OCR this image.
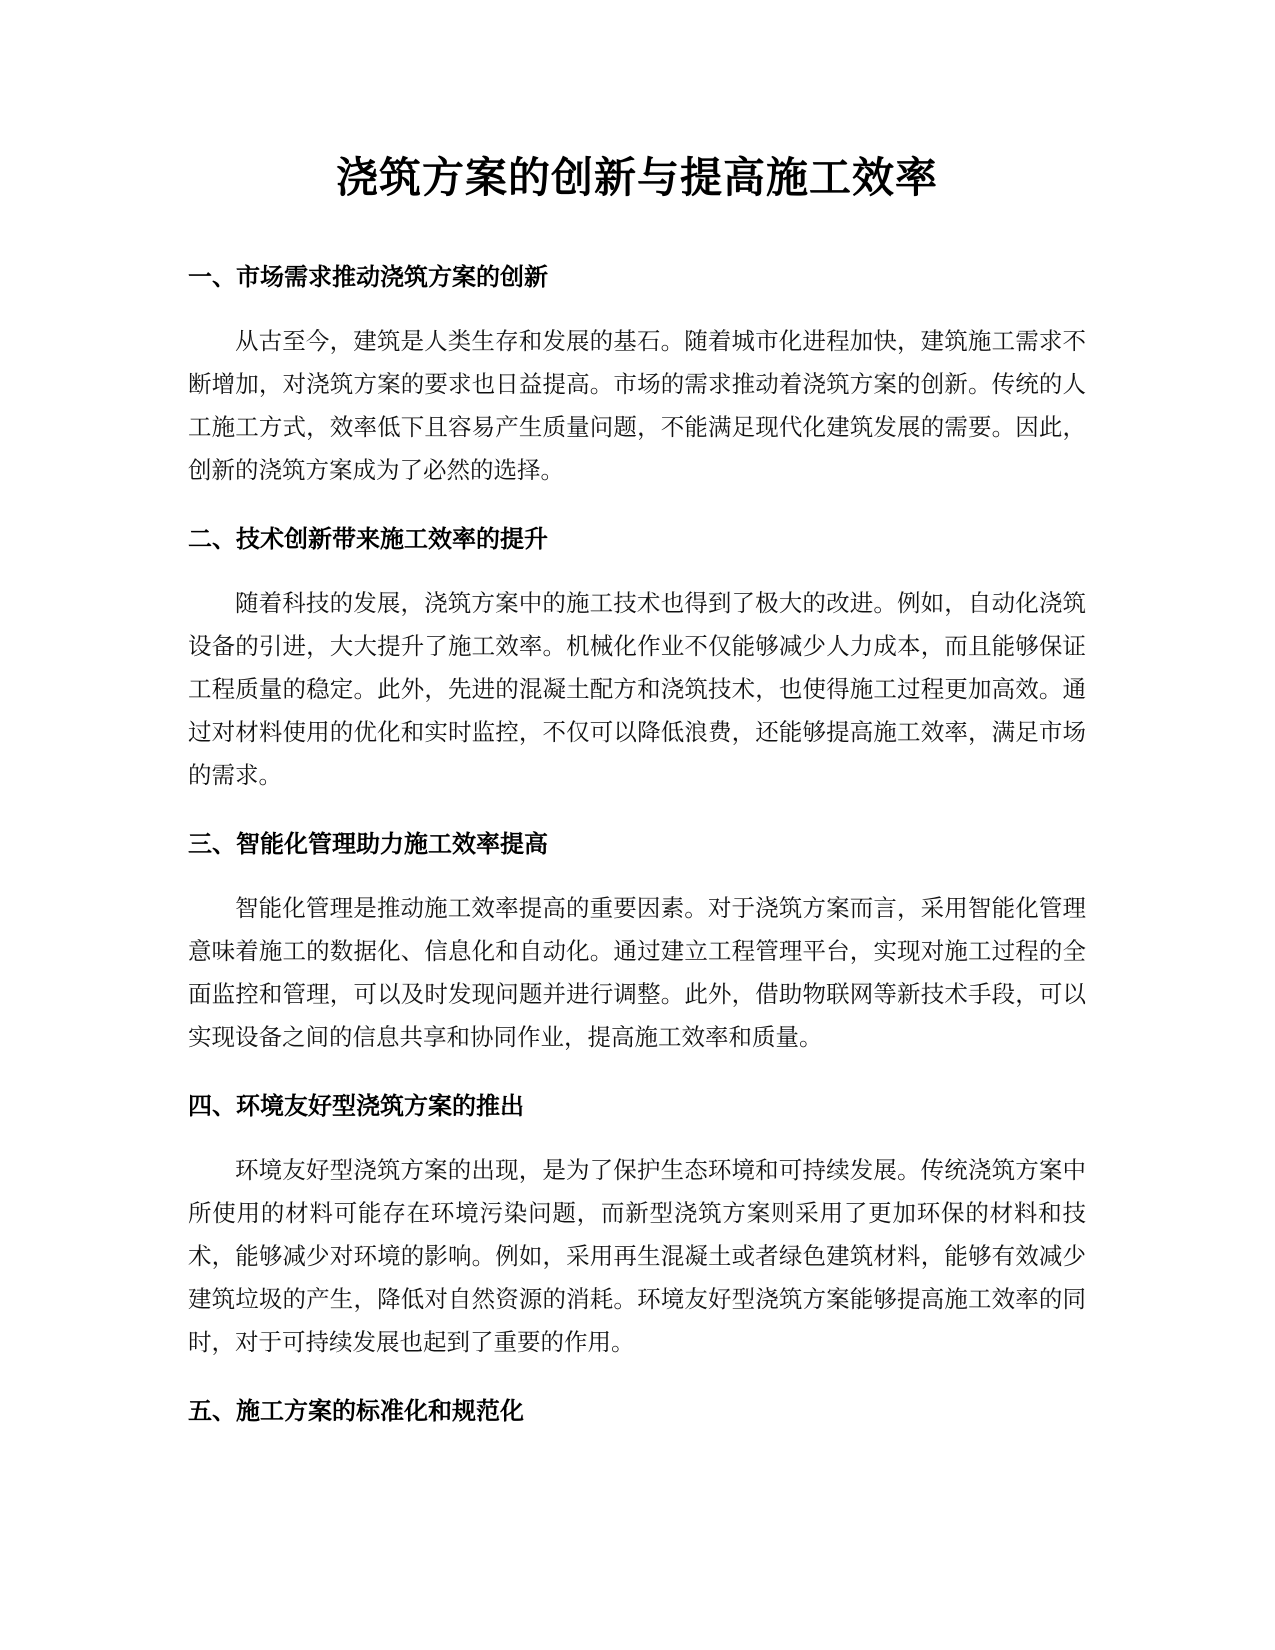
浇筑方案的创新与提高施工效率
一、市场需求推动浇筑方案的创新

从古至今，建筑是人类生存和发展的基石。随着城市化进程加快，建筑施工需求不断增加，对浇筑方案的要求也日益提高。市场的需求推动着浇筑方案的创新。传统的人工施工方式，效率低下且容易产生质量问题，不能满足现代化建筑发展的需要。因此，创新的浇筑方案成为了必然的选择。

二、技术创新带来施工效率的提升

随着科技的发展，浇筑方案中的施工技术也得到了极大的改进。例如，自动化浇筑设备的引进，大大提升了施工效率。机械化作业不仅能够减少人力成本，而且能够保证工程质量的稳定。此外，先进的混凝土配方和浇筑技术，也使得施工过程更加高效。通过对材料使用的优化和实时监控，不仅可以降低浪费，还能够提高施工效率，满足市场的需求。

三、智能化管理助力施工效率提高

智能化管理是推动施工效率提高的重要因素。对于浇筑方案而言，采用智能化管理意味着施工的数据化、信息化和自动化。通过建立工程管理平台，实现对施工过程的全面监控和管理，可以及时发现问题并进行调整。此外，借助物联网等新技术手段，可以实现设备之间的信息共享和协同作业，提高施工效率和质量。

四、环境友好型浇筑方案的推出

环境友好型浇筑方案的出现，是为了保护生态环境和可持续发展。传统浇筑方案中所使用的材料可能存在环境污染问题，而新型浇筑方案则采用了更加环保的材料和技术，能够减少对环境的影响。例如，采用再生混凝土或者绿色建筑材料，能够有效减少建筑垃圾的产生，降低对自然资源的消耗。环境友好型浇筑方案能够提高施工效率的同时，对于可持续发展也起到了重要的作用。

五、施工方案的标准化和规范化
